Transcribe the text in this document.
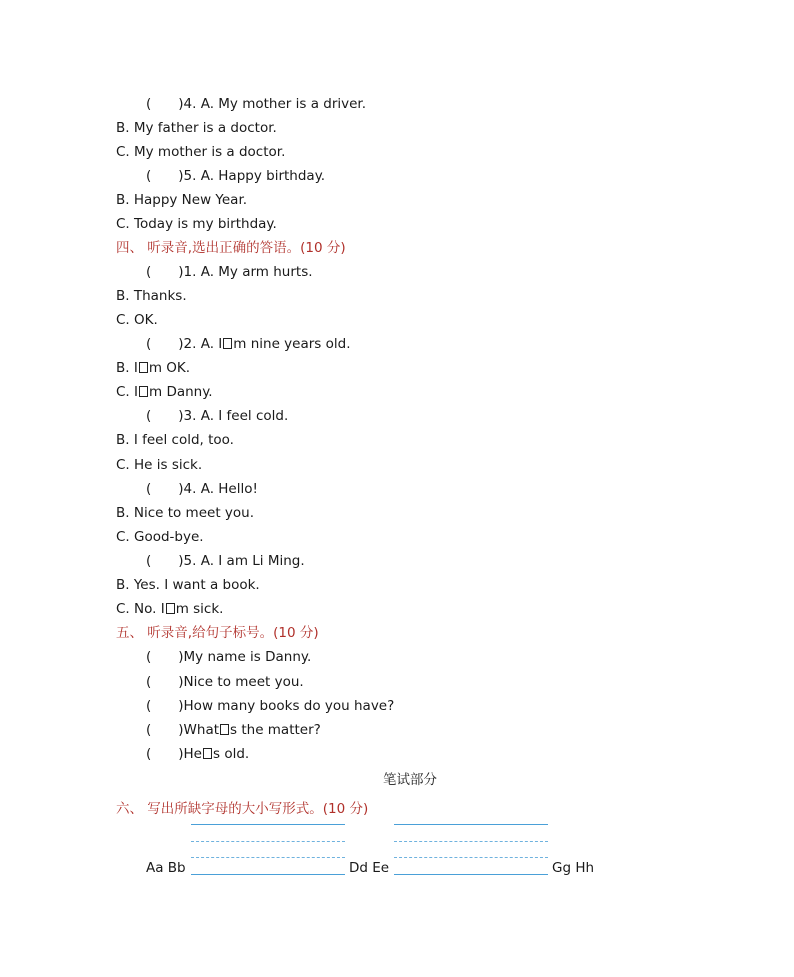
(　　)4. A. My mother is a driver.
B. My father is a doctor.
C. My mother is a doctor.
(　　)5. A. Happy birthday.
B. Happy New Year.
C. Today is my birthday.
四、 听录音,选出正确的答语。(10 分)
(　　)1. A. My arm hurts.
B. Thanks.
C. OK.
(　　)2. A. I m nine years old.
B. I m OK.
C. I m Danny.
(　　)3. A. I feel cold.
B. I feel cold, too.
C. He is sick.
(　　)4. A. Hello!
B. Nice to meet you.
C. Good-bye.
(　　)5. A. I am Li Ming.
B. Yes. I want a book.
C. No. I m sick.
五、 听录音,给句子标号。(10 分)
(　　)My name is Danny.
(　　)Nice to meet you.
(　　)How many books do you have?
(　　)What s the matter?
(　　)He s old.
笔试部分
六、 写出所缺字母的大小写形式。(10 分)
Aa Bb	Dd Ee	Gg Hh
